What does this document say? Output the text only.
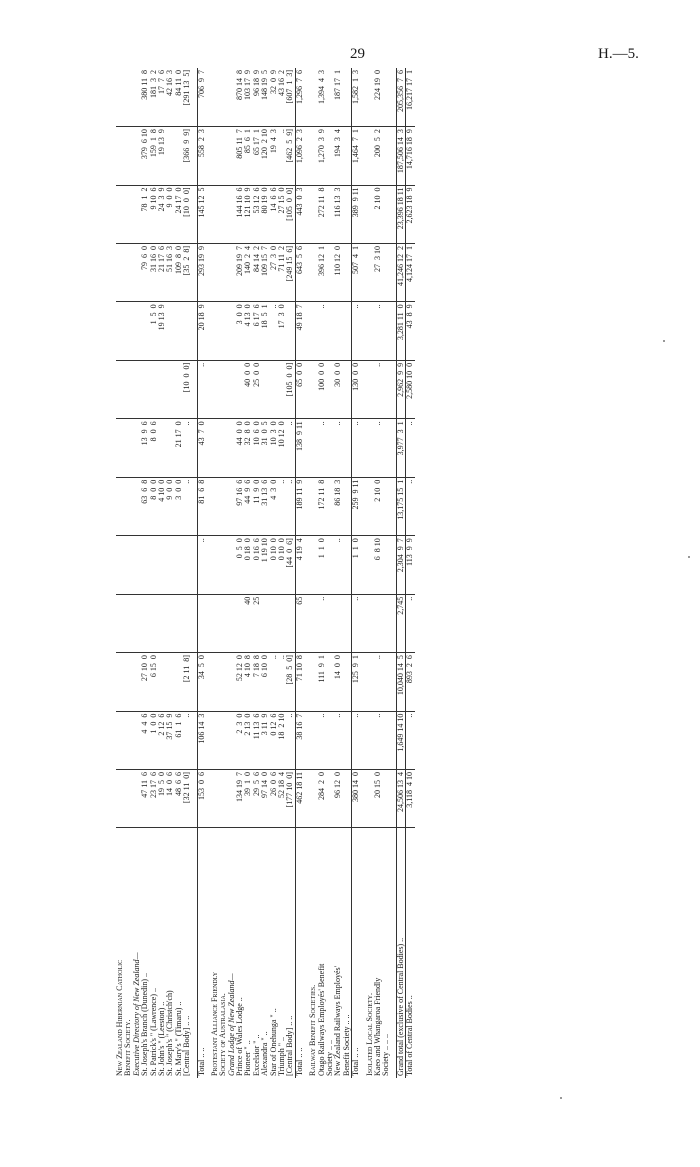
29	H.—5.
New Zealand Hibernian Catholic													
Benefit Society.													
Executive Directory of New Zealand—													
St. Joseph's Branch (Dunedin) ..	47 11  6	4  4  6	27 10  0			63  6  8	13  9  6			79  6  0	78  1  2	379  6 10	380 11  8
St. Patrick's " (Lawrence) ..	23 17  6	1  0  0	6 15  0			8  0  0	8  0  6		1  5  0	31 16  0	9 10  6	159  1  8	181  3  2
St. John's " (Leeston) ..	19  5  0	2 12  6				4 10  0			19 13  9	21 17  6	24  3  9	19 13  9	17  7  6
St. Joseph's " (Christch'ch)	14  0  6	37 15  9				9  0  0				51 16  3	9  0  0		42 16  3
St. Mary's " (Timaru) ..	48  6  6	61  1  6				3  0  0	21 17  0			109  8  0	24 17  0		84 11  0
[Central Body] .. ..	[32 11  0]	..	[2 11  8]			..	..	[10  0  0]		[35  2  8]	[10  0  0]	[366  9  9]	[291 13  5]

Total .. ..	153  0  6	106 14  3	34  5  0		..	81  6  8	43  7  0	..	20 18  9	293 19  9	145 12  5	558  2  3	706  9  7

Protestant Alliance Friendly													
Society of Australasia.													
Grand Lodge of New Zealand—													
Prince of Wales Lodge ..	134 19  7	2  3  0	52 12  0		0  5  0	97 16  6	44  0  0		3  0  0	209 19  7	144 16  6	805 11  7	870 14  8
Pioneer " ..	39  1  0	2 13  0	4 10  8	40	0 18  0	44  9  6	32  8  0	40  0  0	4 13  0	140  2  4	121 10  9	85  6  1	103 17  9
Excelsior " ..	29  5  6	11 13  6	7 18  8	25	0 16  6	11  9  0	10  6  0	25  0  0	6 17  6	84 14  2	53 12  6	65 17  1	96 18  9
Alexandra " ..	97 14  0	3 11  9	6 10  0		1 19 10	31 13  6	31  0  5		18  5  1	109 15  7	80 19  0	120  2 10	148 19  5
Star of Onehunga " ..	26  0  6	0 12  6	..		0 10  0	4  3  0	10  3  0		..	27  3  0	14  6  6	19  4  3	32  0  9
Triumph " ..	52 18  4	18  2 10	..		0 10  0	..	10 12  0		17  3  0	71 11  2	27 15  0	..	43 16  2
[Central Body] .. ..	[177 10  0]	..	[28  5  0]		[44  0  6]	..	..	[105  0  0]		[249 15  6]	[105  0  0]	[462  5  9]	[607  1  3]
Total .. ..	462 18 11	38 16  7	71 10  8	65	4 19  4	189 11  9	138  9 11	65  0  0	49 18  7	643  5  6	443  0  3	1,096  2  3	1,296  7  6

Railway Benefit Societies.													
Otago Railways Employés' Benefit	284  2  0	..	111  9  1	..	1  1  0	172 11  8	..	100  0  0	..	396 12  1	272 11  8	1,270  3  9	1,394  4  3
Society .. ..													
New Zealand Railways Employés'	96 12  0	..	14  0  0		..	86 18  3	..	30  0  0		110 12  0	116 13  3	194  3  4	187 17  1
Benefit Society .. ..													
Total .. ..	380 14  0	..	125  9  1	..	1  1  0	259  9 11	..	130  0  0	..	507  4  1	389  9 11	1,464  7  1	1,582  1  3

Isolated Local Society.													
Kaeo and Whangaroa Friendly	20 15  0	..	..		6  8 10	2 10  0	..	..	..	27  3 10	2 10  0	200  5  2	224 19  0
Society .. .. ..													

Grand total (exclusive of Central Bodies) ..	24,506 13  4	1,649 14 10	10,040 14  5	2,745	2,304  9  7	13,175 15  1	3,977  3  1	2,962  9  9	3,281 11  0	41,246 12  2	23,396 18 11	187,506 14  3	205,356  7  6
Total of Central Bodies ..	3,118  4 10	..	893  2  6	..	113  9  9	..	..	2,580 10  0	43  8  9	4,124 17  1	2,623 18  9	14,716 18  9	16,217 17  1
